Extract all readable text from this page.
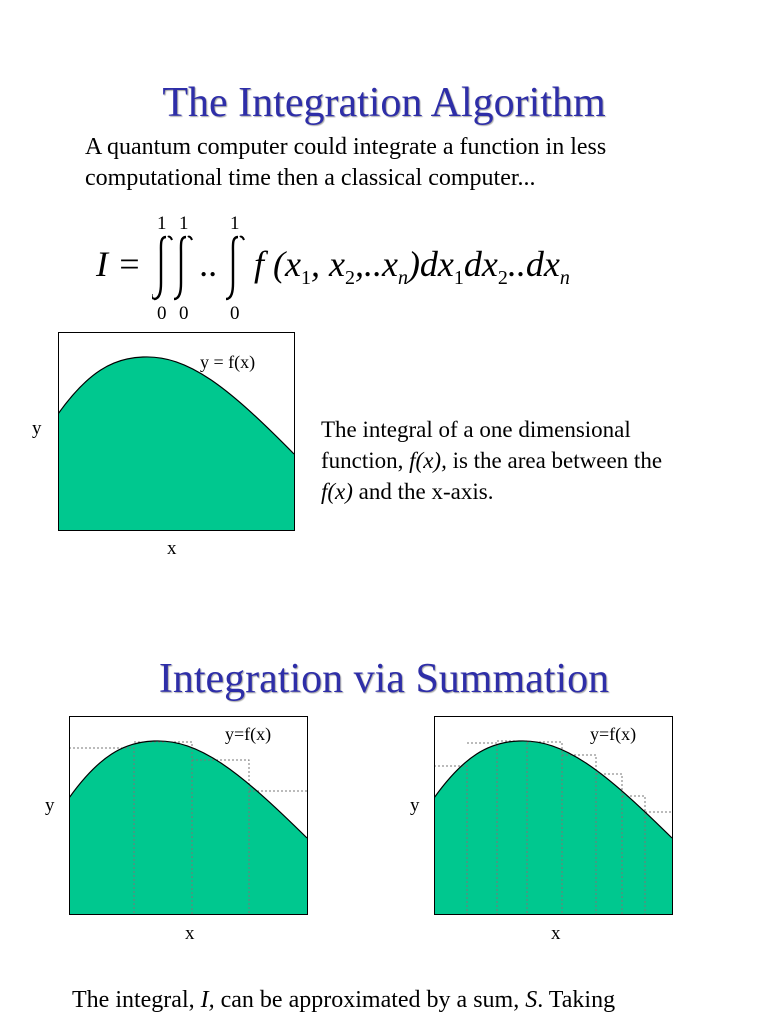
The Integration Algorithm
A quantum computer could integrate a function in less
computational time then a classical computer...
I =
1 1 1
0 0 0
.. f ($x_1$, $x_2,..x_n)dx_1dx_2..dx_n$
y = f(x)
y
x
The integral of a one dimensional
function, f(x), is the area between the
f(x) and the x-axis.
Integration via Summation
y=f(x)
y
x
y=f(x)
y
x
The integral, I, can be approximated by a sum, S. Taking
